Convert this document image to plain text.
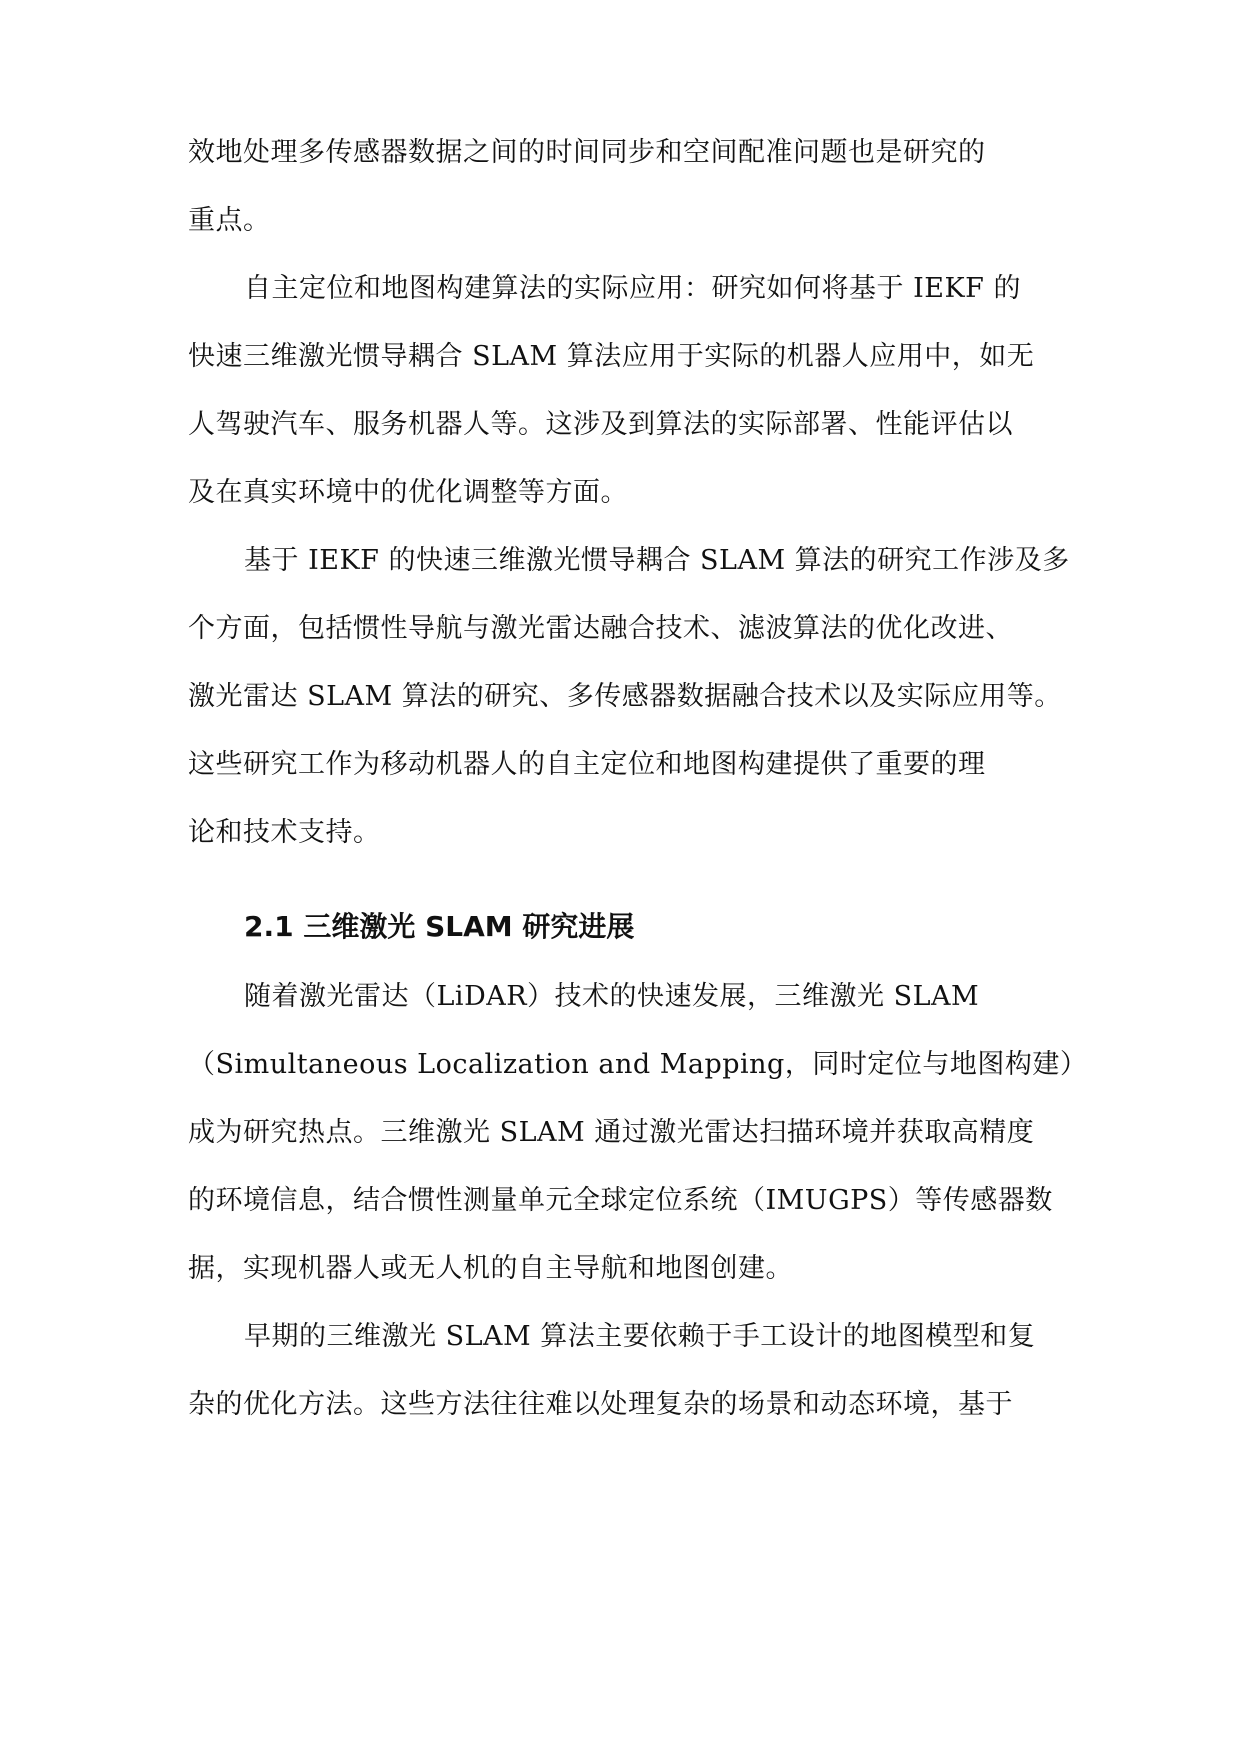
效地处理多传感器数据之间的时间同步和空间配准问题也是研究的
重点。
自主定位和地图构建算法的实际应用：研究如何将基于 IEKF 的
快速三维激光惯导耦合 SLAM 算法应用于实际的机器人应用中，如无
人驾驶汽车、服务机器人等。这涉及到算法的实际部署、性能评估以
及在真实环境中的优化调整等方面。
基于 IEKF 的快速三维激光惯导耦合 SLAM 算法的研究工作涉及多
个方面，包括惯性导航与激光雷达融合技术、滤波算法的优化改进、
激光雷达 SLAM 算法的研究、多传感器数据融合技术以及实际应用等。
这些研究工作为移动机器人的自主定位和地图构建提供了重要的理
论和技术支持。
2.1 三维激光 SLAM 研究进展
随着激光雷达（LiDAR）技术的快速发展，三维激光 SLAM
（Simultaneous Localization and Mapping，同时定位与地图构建）
成为研究热点。三维激光 SLAM 通过激光雷达扫描环境并获取高精度
的环境信息，结合惯性测量单元全球定位系统（IMUGPS）等传感器数
据，实现机器人或无人机的自主导航和地图创建。
早期的三维激光 SLAM 算法主要依赖于手工设计的地图模型和复
杂的优化方法。这些方法往往难以处理复杂的场景和动态环境，基于
